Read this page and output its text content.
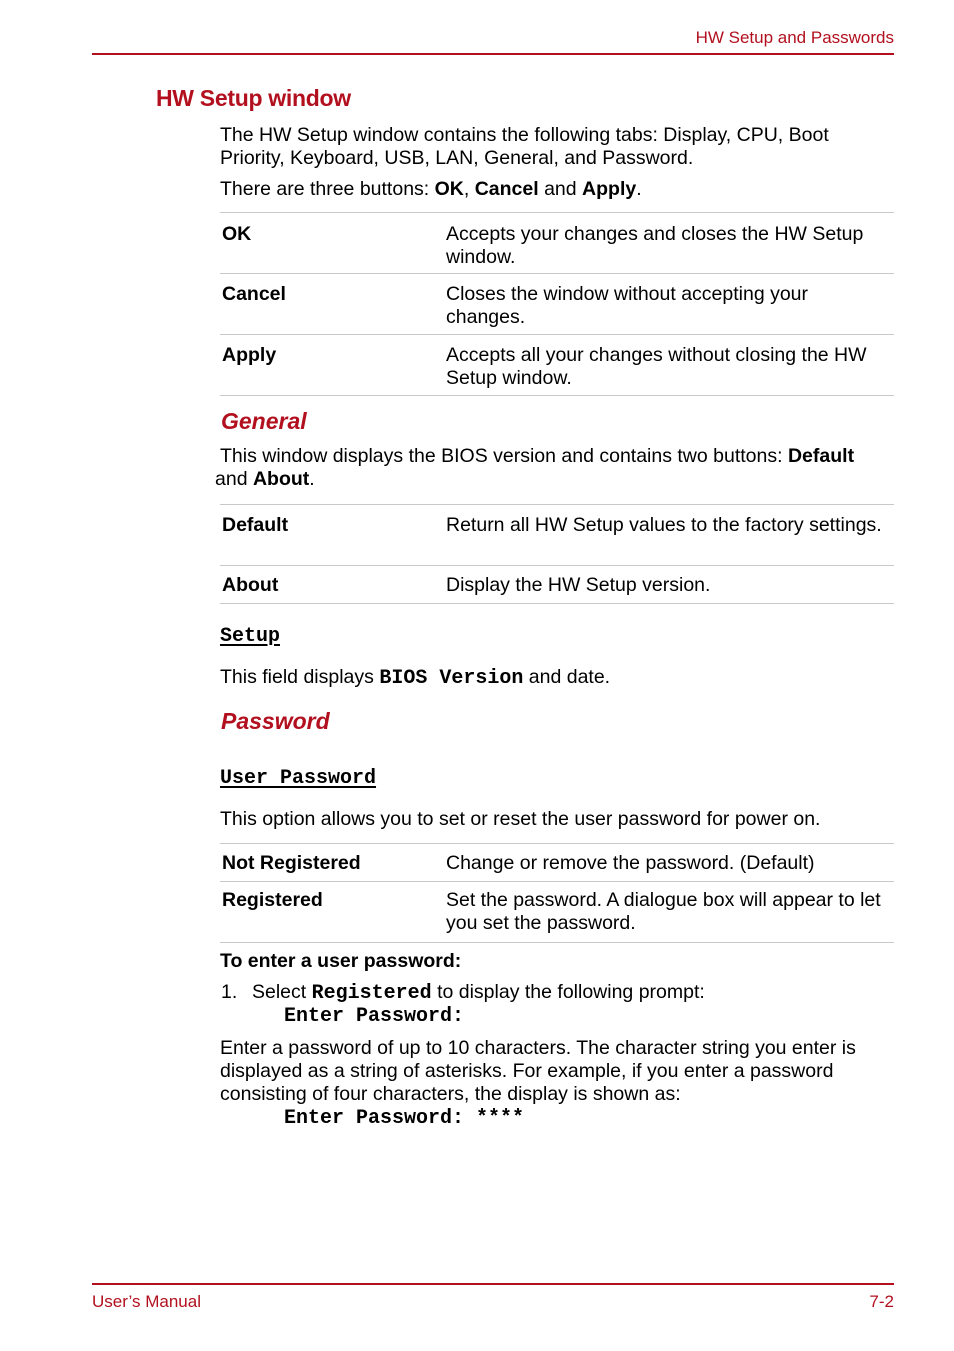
HW Setup and Passwords
HW Setup window
The HW Setup window contains the following tabs: Display, CPU, Boot Priority, Keyboard, USB, LAN, General, and Password.
There are three buttons: OK, Cancel and Apply.
OK	Accepts your changes and closes the HW Setup window.
Cancel	Closes the window without accepting your changes.
Apply	Accepts all your changes without closing the HW Setup window.
General
This window displays the BIOS version and contains two buttons: Default
and About.
Default	Return all HW Setup values to the factory settings.
About	Display the HW Setup version.
Setup
This field displays BIOS Version and date.
Password
User Password
This option allows you to set or reset the user password for power on.
Not Registered	Change or remove the password. (Default)
Registered	Set the password. A dialogue box will appear to let you set the password.
To enter a user password:
1. Select Registered to display the following prompt:
Enter Password:
Enter a password of up to 10 characters. The character string you enter is displayed as a string of asterisks. For example, if you enter a password consisting of four characters, the display is shown as:
Enter Password: ****
User’s Manual	7-2
